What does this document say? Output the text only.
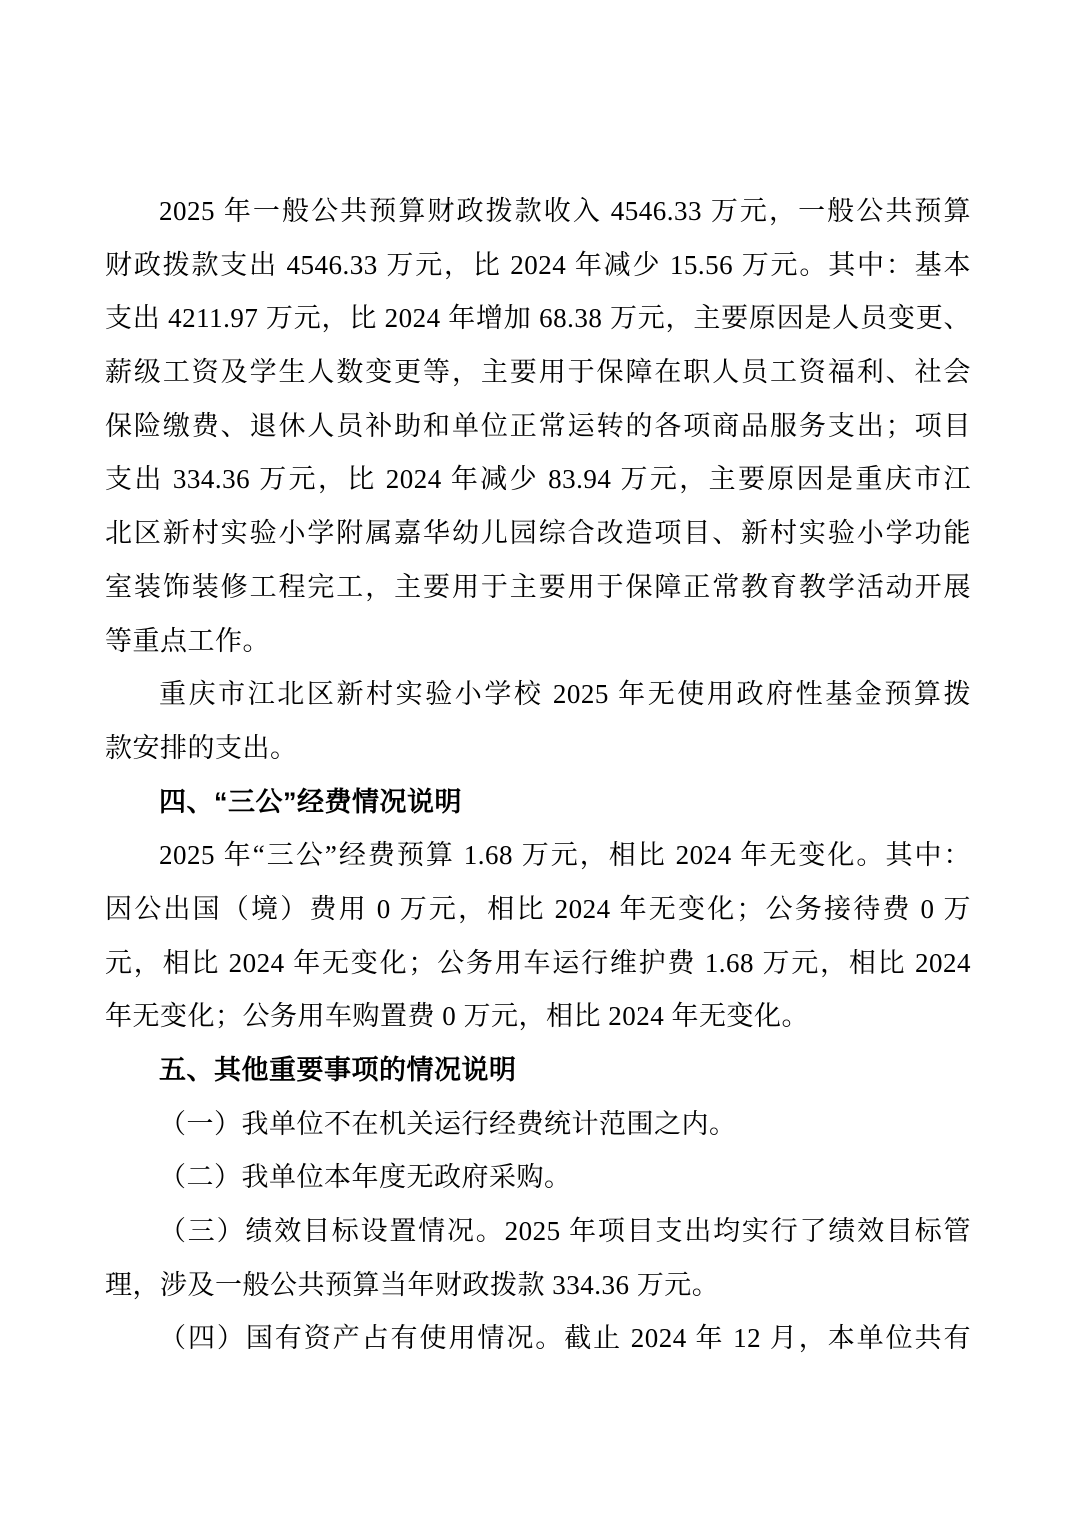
2025 年一般公共预算财政拨款收入 4546.33 万元，一般公共预算
财政拨款支出 4546.33 万元，比 2024 年减少 15.56 万元。其中：基本
支出 4211.97 万元，比 2024 年增加 68.38 万元，主要原因是人员变更、
薪级工资及学生人数变更等，主要用于保障在职人员工资福利、社会
保险缴费、退休人员补助和单位正常运转的各项商品服务支出；项目
支出 334.36 万元，比 2024 年减少 83.94 万元，主要原因是重庆市江
北区新村实验小学附属嘉华幼儿园综合改造项目、新村实验小学功能
室装饰装修工程完工，主要用于主要用于保障正常教育教学活动开展
等重点工作。
重庆市江北区新村实验小学校 2025 年无使用政府性基金预算拨
款安排的支出。
四、“三公”经费情况说明
2025 年“三公”经费预算 1.68 万元，相比 2024 年无变化。其中：
因公出国（境）费用 0 万元，相比 2024 年无变化；公务接待费 0 万
元，相比 2024 年无变化；公务用车运行维护费 1.68 万元，相比 2024
年无变化；公务用车购置费 0 万元，相比 2024 年无变化。
五、其他重要事项的情况说明
（一）我单位不在机关运行经费统计范围之内。
（二）我单位本年度无政府采购。
（三）绩效目标设置情况。2025 年项目支出均实行了绩效目标管
理，涉及一般公共预算当年财政拨款 334.36 万元。
（四）国有资产占有使用情况。截止 2024 年 12 月，本单位共有
